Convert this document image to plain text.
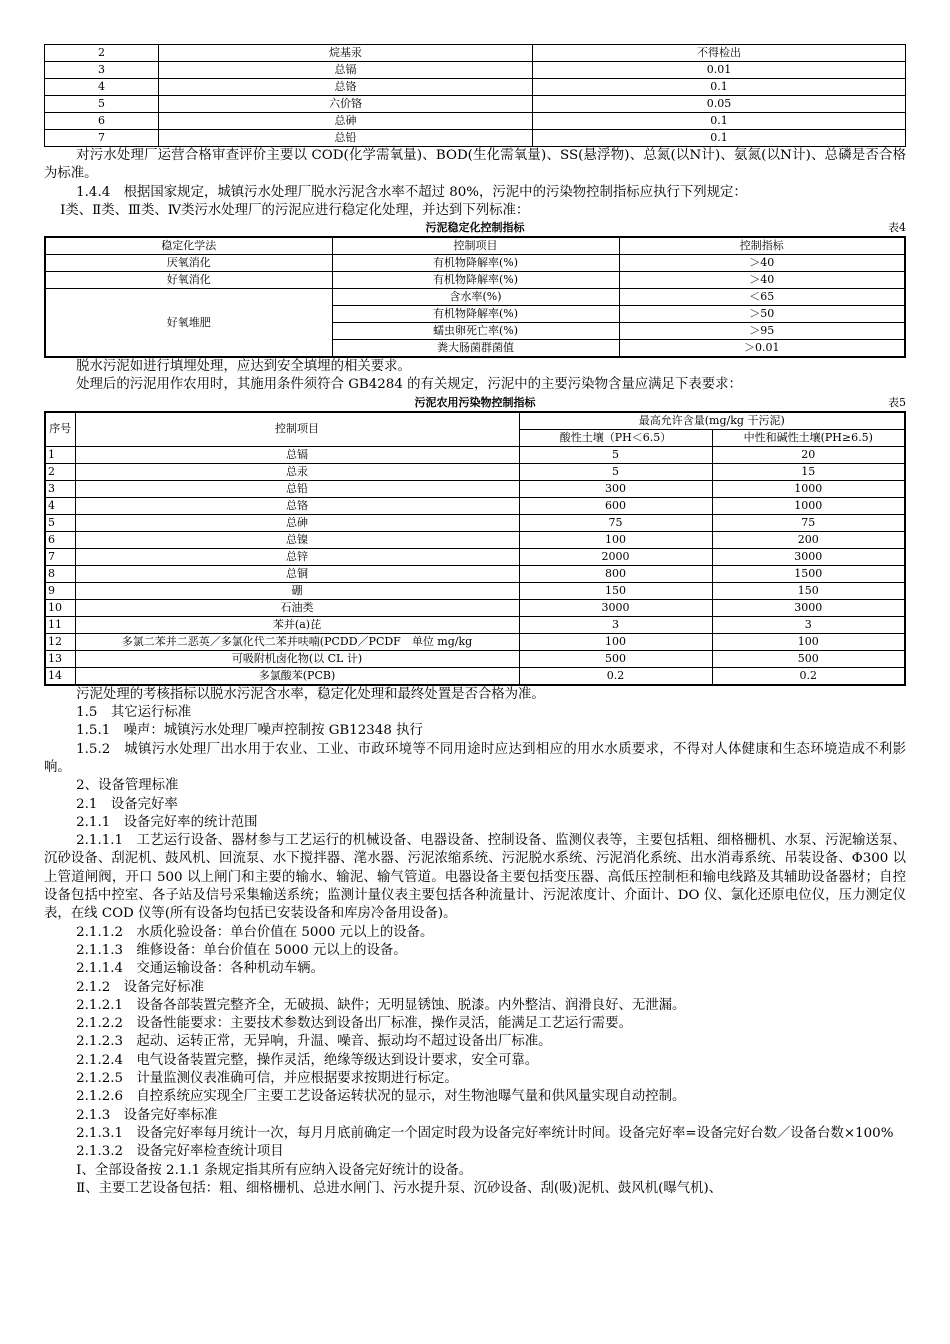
2	烷基汞	不得检出
3	总镉	0.01
4	总铬	0.1
5	六价铬	0.05
6	总砷	0.1
7	总铅	0.1
对污水处理厂运营合格审查评价主要以 COD(化学需氧量)、BOD(生化需氧量)、SS(悬浮物)、总氮(以N计)、氨氮(以N计)、总磷是否合格为标准。
1.4.4　根据国家规定，城镇污水处理厂脱水污泥含水率不超过 80%，污泥中的污染物控制指标应执行下列规定：
Ⅰ类、Ⅱ类、Ⅲ类、Ⅳ类污水处理厂的污泥应进行稳定化处理，并达到下列标准：
污泥稳定化控制指标	表4
稳定化学法	控制项目	控制指标
厌氧消化	有机物降解率(%)	＞40
好氧消化	有机物降解率(%)	＞40
好氧堆肥	含水率(%)	＜65
	有机物降解率(%)	＞50
	蠕虫卵死亡率(%)	＞95
	粪大肠菌群菌值	＞0.01
脱水污泥如进行填埋处理，应达到安全填埋的相关要求。
处理后的污泥用作农用时，其施用条件须符合 GB4284 的有关规定，污泥中的主要污染物含量应满足下表要求：
污泥农用污染物控制指标	表5
序号	控制项目	最高允许含量(mg/kg 干污泥)	
		酸性土壤（PH＜6.5）	中性和碱性土壤(PH≥6.5)
1	总镉	5	20
2	总汞	5	15
3	总铅	300	1000
4	总铬	600	1000
5	总砷	75	75
6	总镍	100	200
7	总锌	2000	3000
8	总铜	800	1500
9	硼	150	150
10	石油类	3000	3000
11	苯并(a)芘	3	3
12	多氯二苯并二恶英／多氯化代二苯并呋喃(PCDD／PCDF　单位 mg/kg	100	100
13	可吸附机卤化物(以 CL 计)	500	500
14	多氯酸苯(PCB)	0.2	0.2
污泥处理的考核指标以脱水污泥含水率，稳定化处理和最终处置是否合格为准。
1.5　其它运行标准
1.5.1　噪声：城镇污水处理厂噪声控制按 GB12348 执行
1.5.2　城镇污水处理厂出水用于农业、工业、市政环境等不同用途时应达到相应的用水水质要求，不得对人体健康和生态环境造成不利影响。
2、设备管理标准
2.1　设备完好率
2.1.1　设备完好率的统计范围
2.1.1.1　工艺运行设备、器材参与工艺运行的机械设备、电器设备、控制设备、监测仪表等，主要包括粗、细格栅机、水泵、污泥输送泵、沉砂设备、刮泥机、鼓风机、回流泵、水下搅拌器、滗水器、污泥浓缩系统、污泥脱水系统、污泥消化系统、出水消毒系统、吊装设备、Φ300 以上管道闸阀，开口 500 以上闸门和主要的输水、输泥、输气管道。电器设备主要包括变压器、高低压控制柜和输电线路及其辅助设备器材；自控设备包括中控室、各子站及信号采集输送系统；监测计量仪表主要包括各种流量计、污泥浓度计、介面计、DO 仪、氯化还原电位仪，压力测定仪表，在线 COD 仪等(所有设备均包括已安装设备和库房冷备用设备)。
2.1.1.2　水质化验设备：单台价值在 5000 元以上的设备。
2.1.1.3　维修设备：单台价值在 5000 元以上的设备。
2.1.1.4　交通运输设备：各种机动车辆。
2.1.2　设备完好标准
2.1.2.1　设备各部装置完整齐全，无破损、缺件；无明显锈蚀、脱漆。内外整洁、润滑良好、无泄漏。
2.1.2.2　设备性能要求：主要技术参数达到设备出厂标准，操作灵活，能满足工艺运行需要。
2.1.2.3　起动、运转正常，无异响，升温、噪音、振动均不超过设备出厂标准。
2.1.2.4　电气设备装置完整，操作灵活，绝缘等级达到设计要求，安全可靠。
2.1.2.5　计量监测仪表准确可信，并应根据要求按期进行标定。
2.1.2.6　自控系统应实现全厂主要工艺设备运转状况的显示，对生物池曝气量和供风量实现自动控制。
2.1.3　设备完好率标准
2.1.3.1　设备完好率每月统计一次，每月月底前确定一个固定时段为设备完好率统计时间。设备完好率=设备完好台数／设备台数×100%
2.1.3.2　设备完好率检查统计项目
Ⅰ、全部设备按 2.1.1 条规定指其所有应纳入设备完好统计的设备。
Ⅱ、主要工艺设备包括：粗、细格栅机、总进水闸门、污水提升泵、沉砂设备、刮(吸)泥机、鼓风机(曝气机)、
